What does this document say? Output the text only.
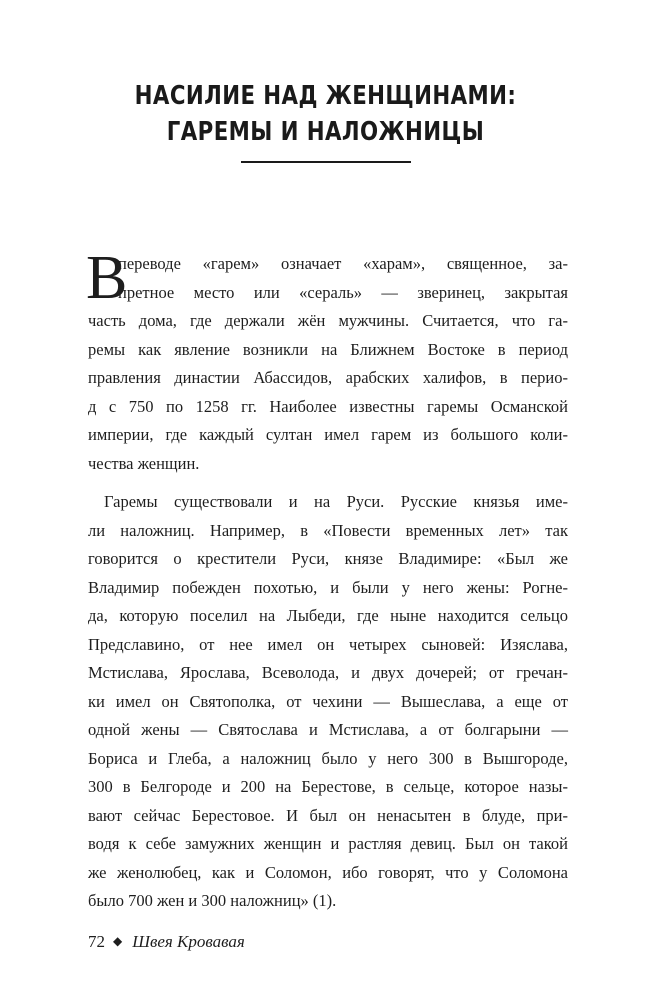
НАСИЛИЕ НАД ЖЕНЩИНАМИ:
ГАРЕМЫ И НАЛОЖНИЦЫ
В
переводе «гарем» означает «харам», священное, за-
претное место или «сераль» — зверинец, закрытая
часть дома, где держали жён мужчины. Считается, что га-
ремы как явление возникли на Ближнем Востоке в период
правления династии Абассидов, арабских халифов, в перио-
д с 750 по 1258 гг. Наиболее известны гаремы Османской
империи, где каждый султан имел гарем из большого коли-
чества женщин.
Гаремы существовали и на Руси. Русские князья име-
ли наложниц. Например, в «Повести временных лет» так
говорится о крестители Руси, князе Владимире: «Был же
Владимир побежден похотью, и были у него жены: Рогне-
да, которую поселил на Лыбеди, где ныне находится сельцо
Предславино, от нее имел он четырех сыновей: Изяслава,
Мстислава, Ярослава, Всеволода, и двух дочерей; от гречан-
ки имел он Святополка, от чехини — Вышеслава, а еще от
одной жены — Святослава и Мстислава, а от болгарыни —
Бориса и Глеба, а наложниц было у него 300 в Вышгороде,
300 в Белгороде и 200 на Берестове, в сельце, которое назы-
вают сейчас Берестовое. И был он ненасытен в блуде, при-
водя к себе замужних женщин и растляя девиц. Был он такой
же женолюбец, как и Соломон, ибо говорят, что у Соломона
было 700 жен и 300 наложниц» (1).
72 ◆ Швея Кровавая
